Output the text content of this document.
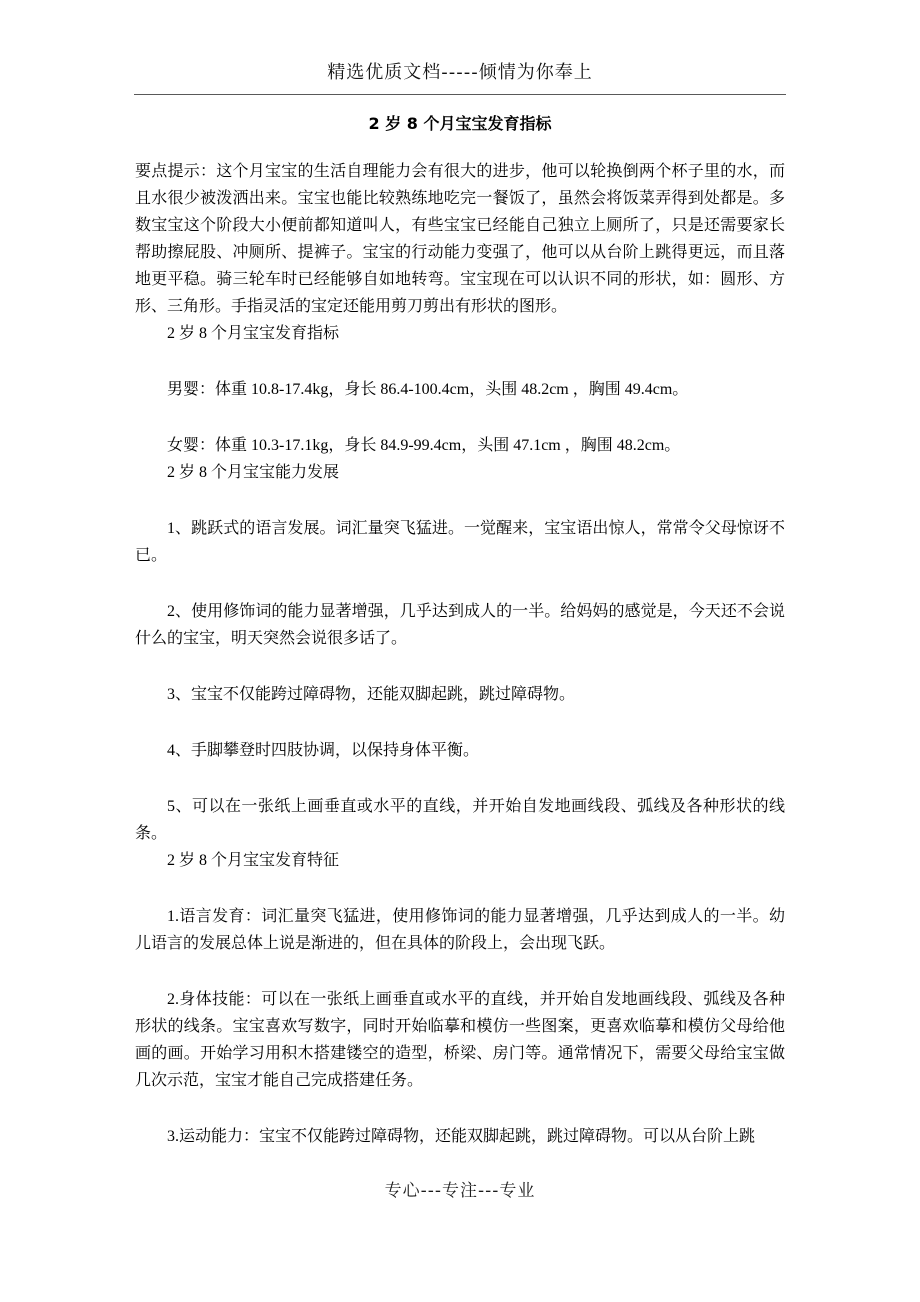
精选优质文档-----倾情为你奉上
2 岁 8 个月宝宝发育指标
要点提示：这个月宝宝的生活自理能力会有很大的进步，他可以轮换倒两个杯子里的水，而且水很少被泼洒出来。宝宝也能比较熟练地吃完一餐饭了，虽然会将饭菜弄得到处都是。多数宝宝这个阶段大小便前都知道叫人，有些宝宝已经能自己独立上厕所了，只是还需要家长帮助擦屁股、冲厕所、提裤子。宝宝的行动能力变强了，他可以从台阶上跳得更远，而且落地更平稳。骑三轮车时已经能够自如地转弯。宝宝现在可以认识不同的形状，如：圆形、方形、三角形。手指灵活的宝定还能用剪刀剪出有形状的图形。
2 岁 8 个月宝宝发育指标
男婴：体重 10.8-17.4kg，身长 86.4-100.4cm，头围 48.2cm ，胸围 49.4cm。
女婴：体重 10.3-17.1kg，身长 84.9-99.4cm，头围 47.1cm ，胸围 48.2cm。
2 岁 8 个月宝宝能力发展
1、跳跃式的语言发展。词汇量突飞猛进。一觉醒来，宝宝语出惊人，常常令父母惊讶不已。
2、使用修饰词的能力显著增强，几乎达到成人的一半。给妈妈的感觉是，今天还不会说什么的宝宝，明天突然会说很多话了。
3、宝宝不仅能跨过障碍物，还能双脚起跳，跳过障碍物。
4、手脚攀登时四肢协调，以保持身体平衡。
5、可以在一张纸上画垂直或水平的直线，并开始自发地画线段、弧线及各种形状的线条。
2 岁 8 个月宝宝发育特征
1.语言发育：词汇量突飞猛进，使用修饰词的能力显著增强，几乎达到成人的一半。幼儿语言的发展总体上说是渐进的，但在具体的阶段上，会出现飞跃。
2.身体技能：可以在一张纸上画垂直或水平的直线，并开始自发地画线段、弧线及各种形状的线条。宝宝喜欢写数字，同时开始临摹和模仿一些图案，更喜欢临摹和模仿父母给他画的画。开始学习用积木搭建镂空的造型，桥梁、房门等。通常情况下，需要父母给宝宝做几次示范，宝宝才能自己完成搭建任务。
3.运动能力：宝宝不仅能跨过障碍物，还能双脚起跳，跳过障碍物。可以从台阶上跳
专心---专注---专业
